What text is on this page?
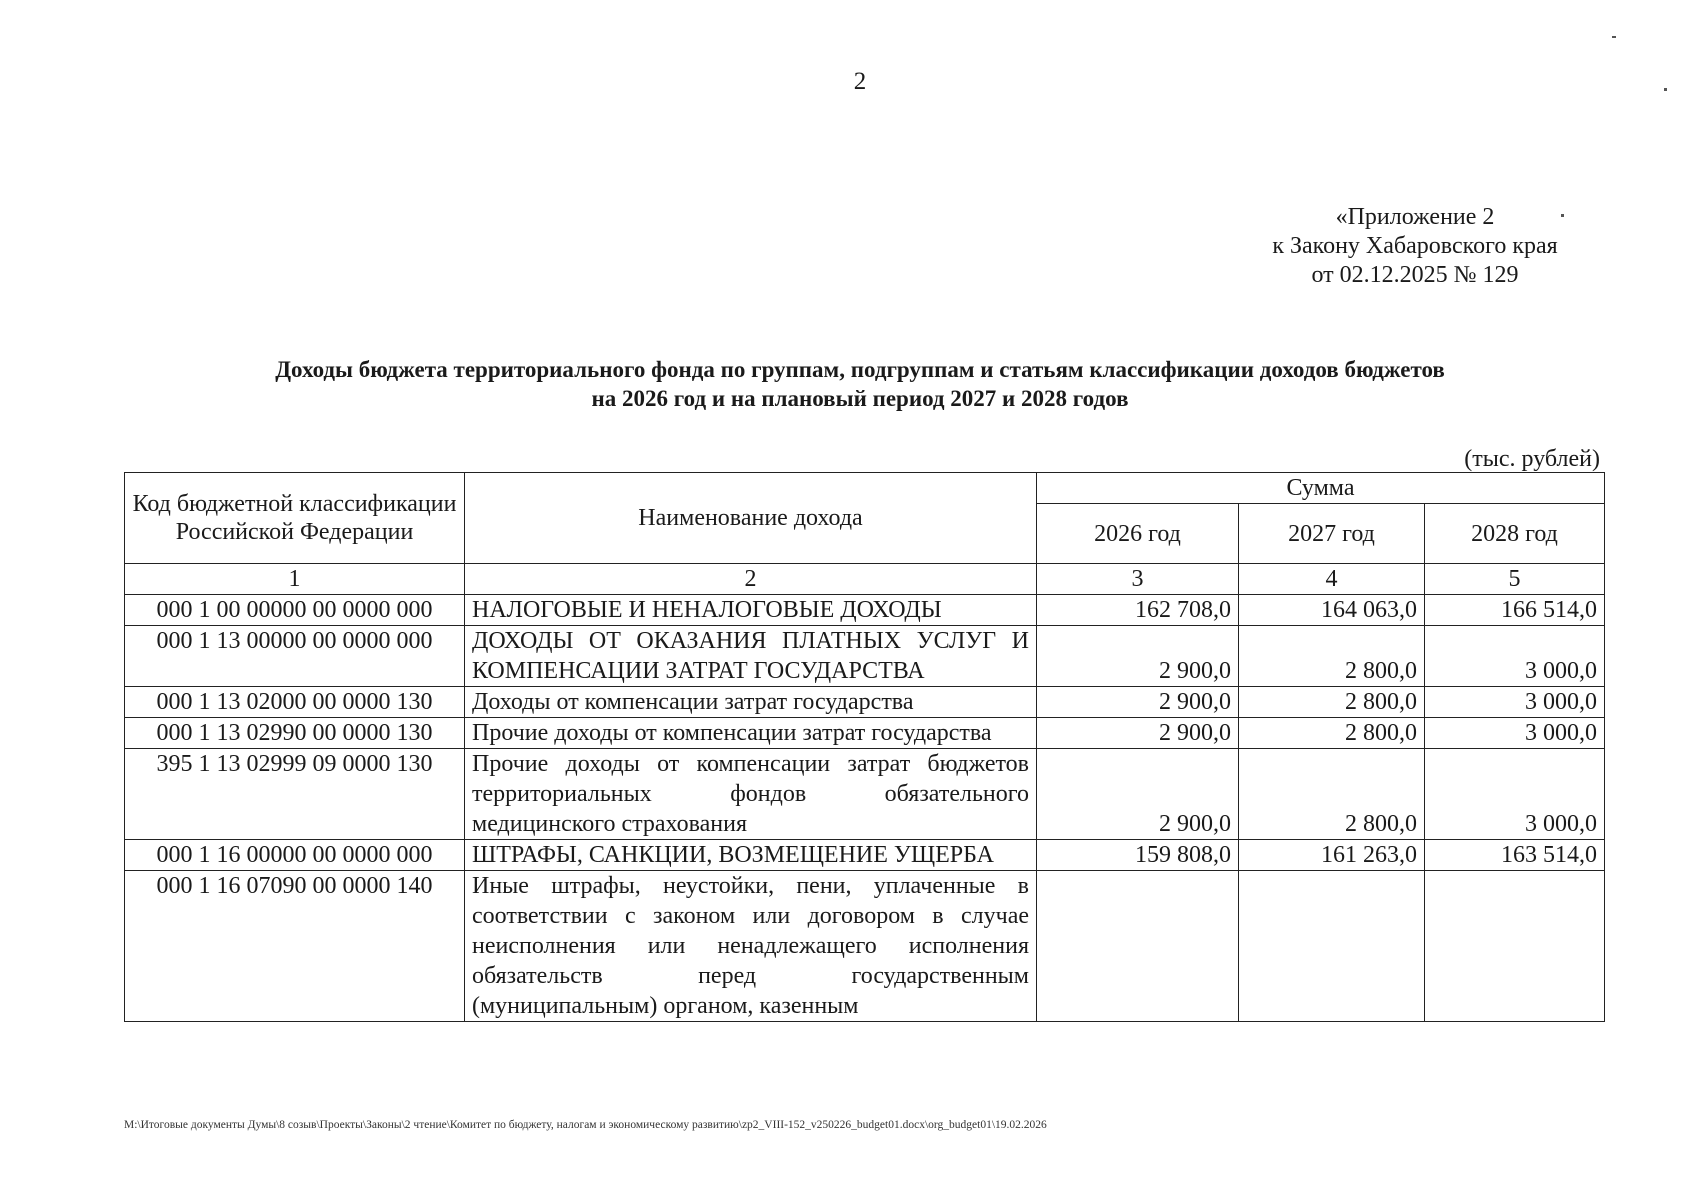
2
«Приложение 2
к Закону Хабаровского края
от 02.12.2025 № 129
Доходы бюджета территориального фонда по группам, подгруппам и статьям классификации доходов бюджетов
на 2026 год и на плановый период 2027 и 2028 годов
(тыс. рублей)
Код бюджетной классификации Российской Федерации	Наименование дохода	Сумма		
		2026 год	2027 год	2028 год
1	2	3	4	5
000 1 00 00000 00 0000 000	НАЛОГОВЫЕ И НЕНАЛОГОВЫЕ ДОХОДЫ	162 708,0	164 063,0	166 514,0
000 1 13 00000 00 0000 000	ДОХОДЫ ОТ ОКАЗАНИЯ ПЛАТНЫХ УСЛУГ И КОМПЕНСАЦИИ ЗАТРАТ ГОСУДАРСТВА	2 900,0	2 800,0	3 000,0
000 1 13 02000 00 0000 130	Доходы от компенсации затрат государства	2 900,0	2 800,0	3 000,0
000 1 13 02990 00 0000 130	Прочие доходы от компенсации затрат государства	2 900,0	2 800,0	3 000,0
395 1 13 02999 09 0000 130	Прочие доходы от компенсации затрат бюджетов территориальных фондов обязательного медицинского страхования	2 900,0	2 800,0	3 000,0
000 1 16 00000 00 0000 000	ШТРАФЫ, САНКЦИИ, ВОЗМЕЩЕНИЕ УЩЕРБА	159 808,0	161 263,0	163 514,0
000 1 16 07090 00 0000 140	Иные штрафы, неустойки, пени, уплаченные в соответствии с законом или договором в случае неисполнения или ненадлежащего исполнения обязательств перед государственным (муниципальным) органом, казенным			
M:\Итоговые документы Думы\8 созыв\Проекты\Законы\2 чтение\Комитет по бюджету, налогам и экономическому развитию\zp2_VIII-152_v250226_budget01.docx\org_budget01\19.02.2026
